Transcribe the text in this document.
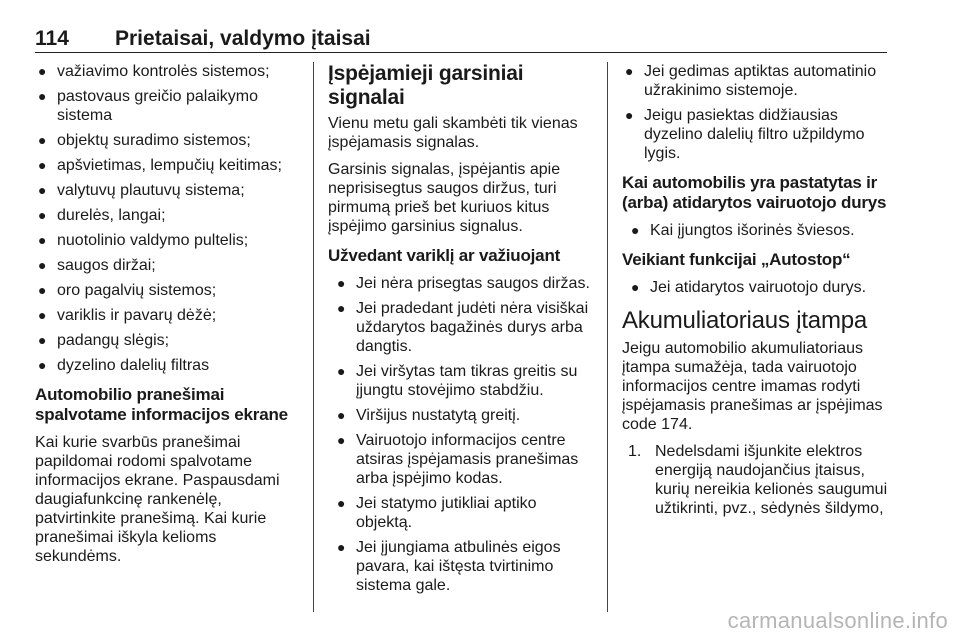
114	Prietaisai, valdymo įtaisai
● važiavimo kontrolės sistemos;
● pastovaus greičio palaikymo sistema
● objektų suradimo sistemos;
● apšvietimas, lempučių keitimas;
● valytuvų plautuvų sistema;
● durelės, langai;
● nuotolinio valdymo pultelis;
● saugos diržai;
● oro pagalvių sistemos;
● variklis ir pavarų dėžė;
● padangų slėgis;
● dyzelino dalelių filtras
Automobilio pranešimai spalvotame informacijos ekrane

Kai kurie svarbūs pranešimai papildomai rodomi spalvotame informacijos ekrane. Paspausdami daugiafunkcinę rankenėlę, patvirtinkite pranešimą. Kai kurie pranešimai iškyla kelioms sekundėms.

Įspėjamieji garsiniai signalai

Vienu metu gali skambėti tik vienas įspėjamasis signalas.

Garsinis signalas, įspėjantis apie neprisisegtus saugos diržus, turi pirmumą prieš bet kuriuos kitus įspėjimo garsinius signalus.

Užvedant variklį ar važiuojant
● Jei nėra prisegtas saugos diržas.
● Jei pradedant judėti nėra visiškai uždarytos bagažinės durys arba dangtis.
● Jei viršytas tam tikras greitis su įjungtu stovėjimo stabdžiu.
● Viršijus nustatytą greitį.
● Vairuotojo informacijos centre atsiras įspėjamasis pranešimas arba įspėjimo kodas.
● Jei statymo jutikliai aptiko objektą.
● Jei įjungiama atbulinės eigos pavara, kai ištęsta tvirtinimo sistema gale.
● Jei gedimas aptiktas automatinio užrakinimo sistemoje.
● Jeigu pasiektas didžiausias dyzelino dalelių filtro užpildymo lygis.
Kai automobilis yra pastatytas ir (arba) atidarytos vairuotojo durys
● Kai įjungtos išorinės šviesos.
Veikiant funkcijai „Autostop“
● Jei atidarytos vairuotojo durys.
Akumuliatoriaus įtampa

Jeigu automobilio akumuliatoriaus įtampa sumažėja, tada vairuotojo informacijos centre imamas rodyti įspėjamasis pranešimas ar įspėjimas code 174.

1. Nedelsdami išjunkite elektros energiją naudojančius įtaisus, kurių nereikia kelionės saugumui užtikrinti, pvz., sėdynės šildymo,
carmanualsonline.info
